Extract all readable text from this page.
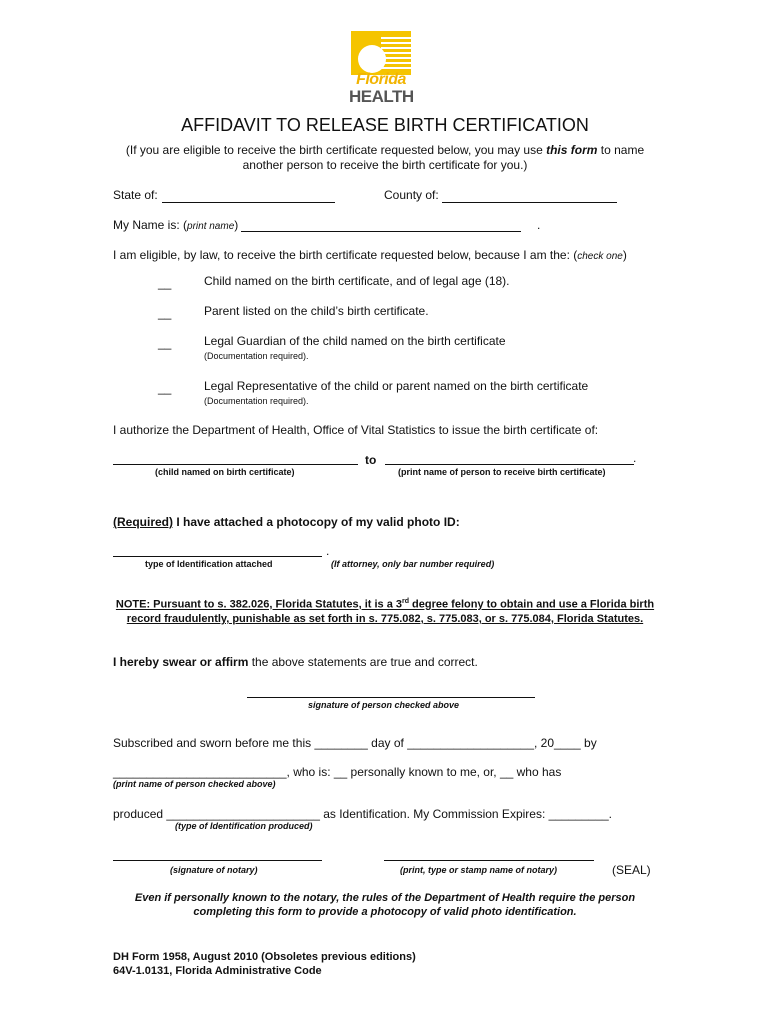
Florida
HEALTH
AFFIDAVIT TO RELEASE BIRTH CERTIFICATION
(If you are eligible to receive the birth certificate requested below, you may use this form to name
another person to receive the birth certificate for you.)
State of:	County of:
My Name is: (print name)	.
I am eligible, by law, to receive the birth certificate requested below, because I am the: (check one)
__	Child named on the birth certificate, and of legal age (18).
__	Parent listed on the child’s birth certificate.
__	Legal Guardian of the child named on the birth certificate
(Documentation required).
__	Legal Representative of the child or parent named on the birth certificate
(Documentation required).
I authorize the Department of Health, Office of Vital Statistics to issue the birth certificate of:
to	.
(child named on birth certificate)	(print name of person to receive birth certificate)
(Required) I have attached a photocopy of my valid photo ID:
.
type of Identification attached	(If attorney, only bar number required)
NOTE: Pursuant to s. 382.026, Florida Statutes, it is a 3rd degree felony to obtain and use a Florida birth
record fraudulently, punishable as set forth in s. 775.082, s. 775.083, or s. 775.084, Florida Statutes.
I hereby swear or affirm the above statements are true and correct.
signature of person checked above
Subscribed and sworn before me this ________ day of ___________________, 20____ by
__________________________, who is: __ personally known to me, or, __ who has
(print name of person checked above)
produced _______________________ as Identification. My Commission Expires: _________.
(type of Identification produced)
(signature of notary)	(print, type or stamp name of notary)	(SEAL)
Even if personally known to the notary, the rules of the Department of Health require the person
completing this form to provide a photocopy of valid photo identification.
DH Form 1958, August 2010 (Obsoletes previous editions)
64V-1.0131, Florida Administrative Code
